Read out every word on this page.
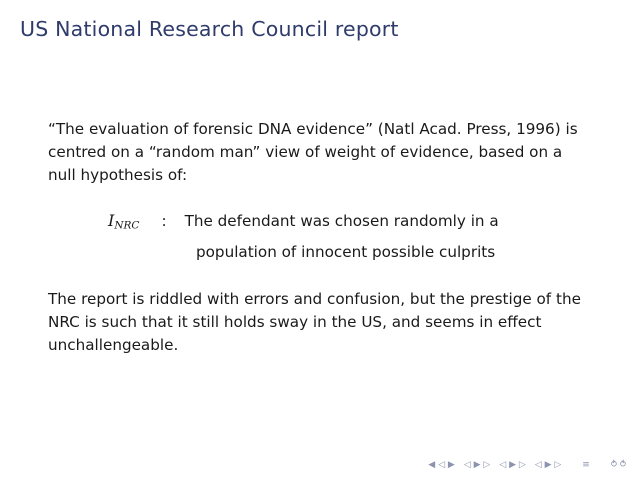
US National Research Council report

“The evaluation of forensic DNA evidence” (Natl Acad. Press, 1996) is centred on a “random man” view of weight of evidence, based on a null hypothesis of:

$I_{NRC}$ : The defendant was chosen randomly in a
population of innocent possible culprits

The report is riddled with errors and confusion, but the prestige of the NRC is such that it still holds sway in the US, and seems in effect unchallengeable.

◀ ◁ ▶ ◁ ▶ ▷ ◁ ▶ ▷ ◁ ▶ ▷ ≡ ⥁ ⥀
